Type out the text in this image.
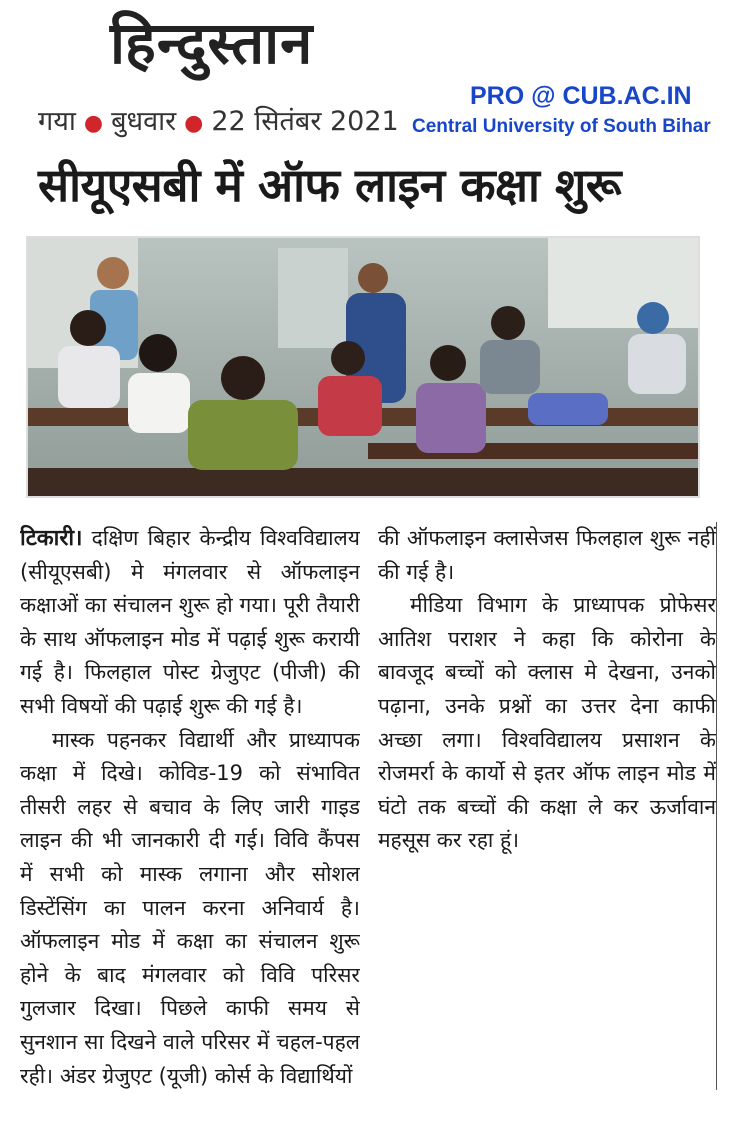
हिन्दुस्तान
गया ● बुधवार ● 22 सितंबर 2021
PRO @ CUB.AC.IN
Central University of South Bihar
सीयूएसबी में ऑफ लाइन कक्षा शुरू

टिकारी। दक्षिण बिहार केन्द्रीय विश्वविद्यालय (सीयूएसबी) मे मंगलवार से ऑफलाइन कक्षाओं का संचालन शुरू हो गया। पूरी तैयारी के साथ ऑफलाइन मोड में पढ़ाई शुरू करायी गई है। फिलहाल पोस्ट ग्रेजुएट (पीजी) की सभी विषयों की पढ़ाई शुरू की गई है।

मास्क पहनकर विद्यार्थी और प्राध्यापक कक्षा में दिखे। कोविड-19 को संभावित तीसरी लहर से बचाव के लिए जारी गाइड लाइन की भी जानकारी दी गई। विवि कैंपस में सभी को मास्क लगाना और सोशल डिस्टेंसिंग का पालन करना अनिवार्य है। ऑफलाइन मोड में कक्षा का संचालन शुरू होने के बाद मंगलवार को विवि परिसर गुलजार दिखा। पिछले काफी समय से सुनशान सा दिखने वाले परिसर में चहल-पहल रही। अंडर ग्रेजुएट (यूजी) कोर्स के विद्यार्थियों

की ऑफलाइन क्लासेजस फिलहाल शुरू नहीं की गई है।

मीडिया विभाग के प्राध्यापक प्रोफेसर आतिश पराशर ने कहा कि कोरोना के बावजूद बच्चों को क्लास मे देखना, उनको पढ़ाना, उनके प्रश्नों का उत्तर देना काफी अच्छा लगा। विश्वविद्यालय प्रसाशन के रोजमर्रा के कार्यो से इतर ऑफ लाइन मोड में घंटो तक बच्चों की कक्षा ले कर ऊर्जावान महसूस कर रहा हूं।
